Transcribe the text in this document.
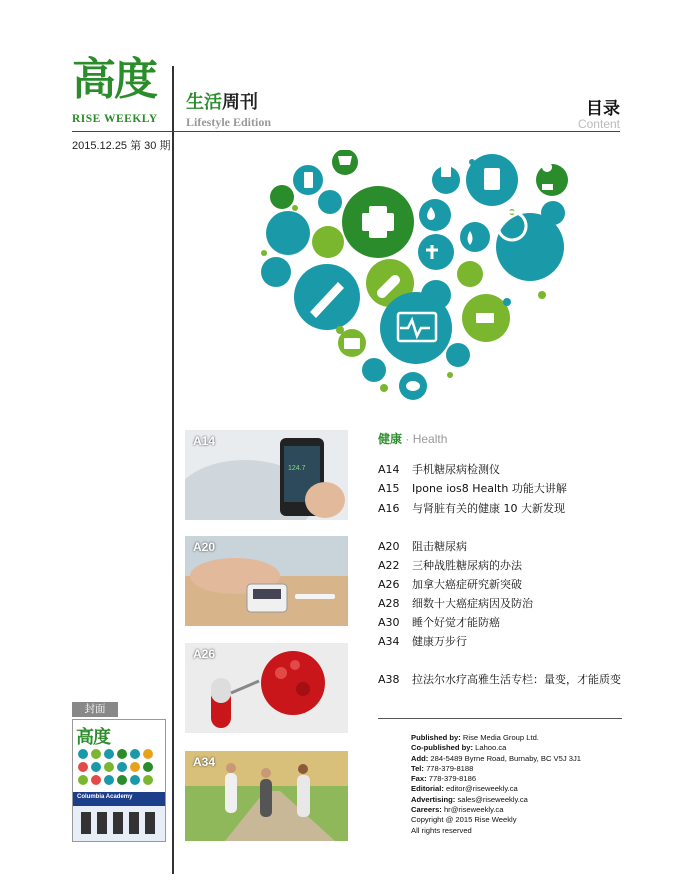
高度
RISE WEEKLY
生活周刊
Lifestyle Edition
2015.12.25 第 30 期
目录
Content
124.7
A14
A20
A26
A34
健康 · Health
A14 手机糖尿病检测仪
A15 Ipone ios8 Health 功能大讲解
A16 与肾脏有关的健康 10 大新发现
A20 阻击糖尿病
A22 三种战胜糖尿病的办法
A26 加拿大癌症研究新突破
A28 细数十大癌症病因及防治
A30 睡个好觉才能防癌
A34 健康万步行
A38 拉法尔水疗高雅生活专栏：量变，才能质变
Published by: Rise Media Group Ltd.
Co-published by: Lahoo.ca
Add: 284-5489 Byrne Road, Burnaby, BC V5J 3J1
Tel: 778-379-8188
Fax: 778-379-8186
Editorial: editor@riseweekly.ca
Advertising: sales@riseweekly.ca
Careers: hr@riseweekly.ca
Copyright @ 2015 Rise Weekly
All rights reserved
封面
高度
Columbia Academy
